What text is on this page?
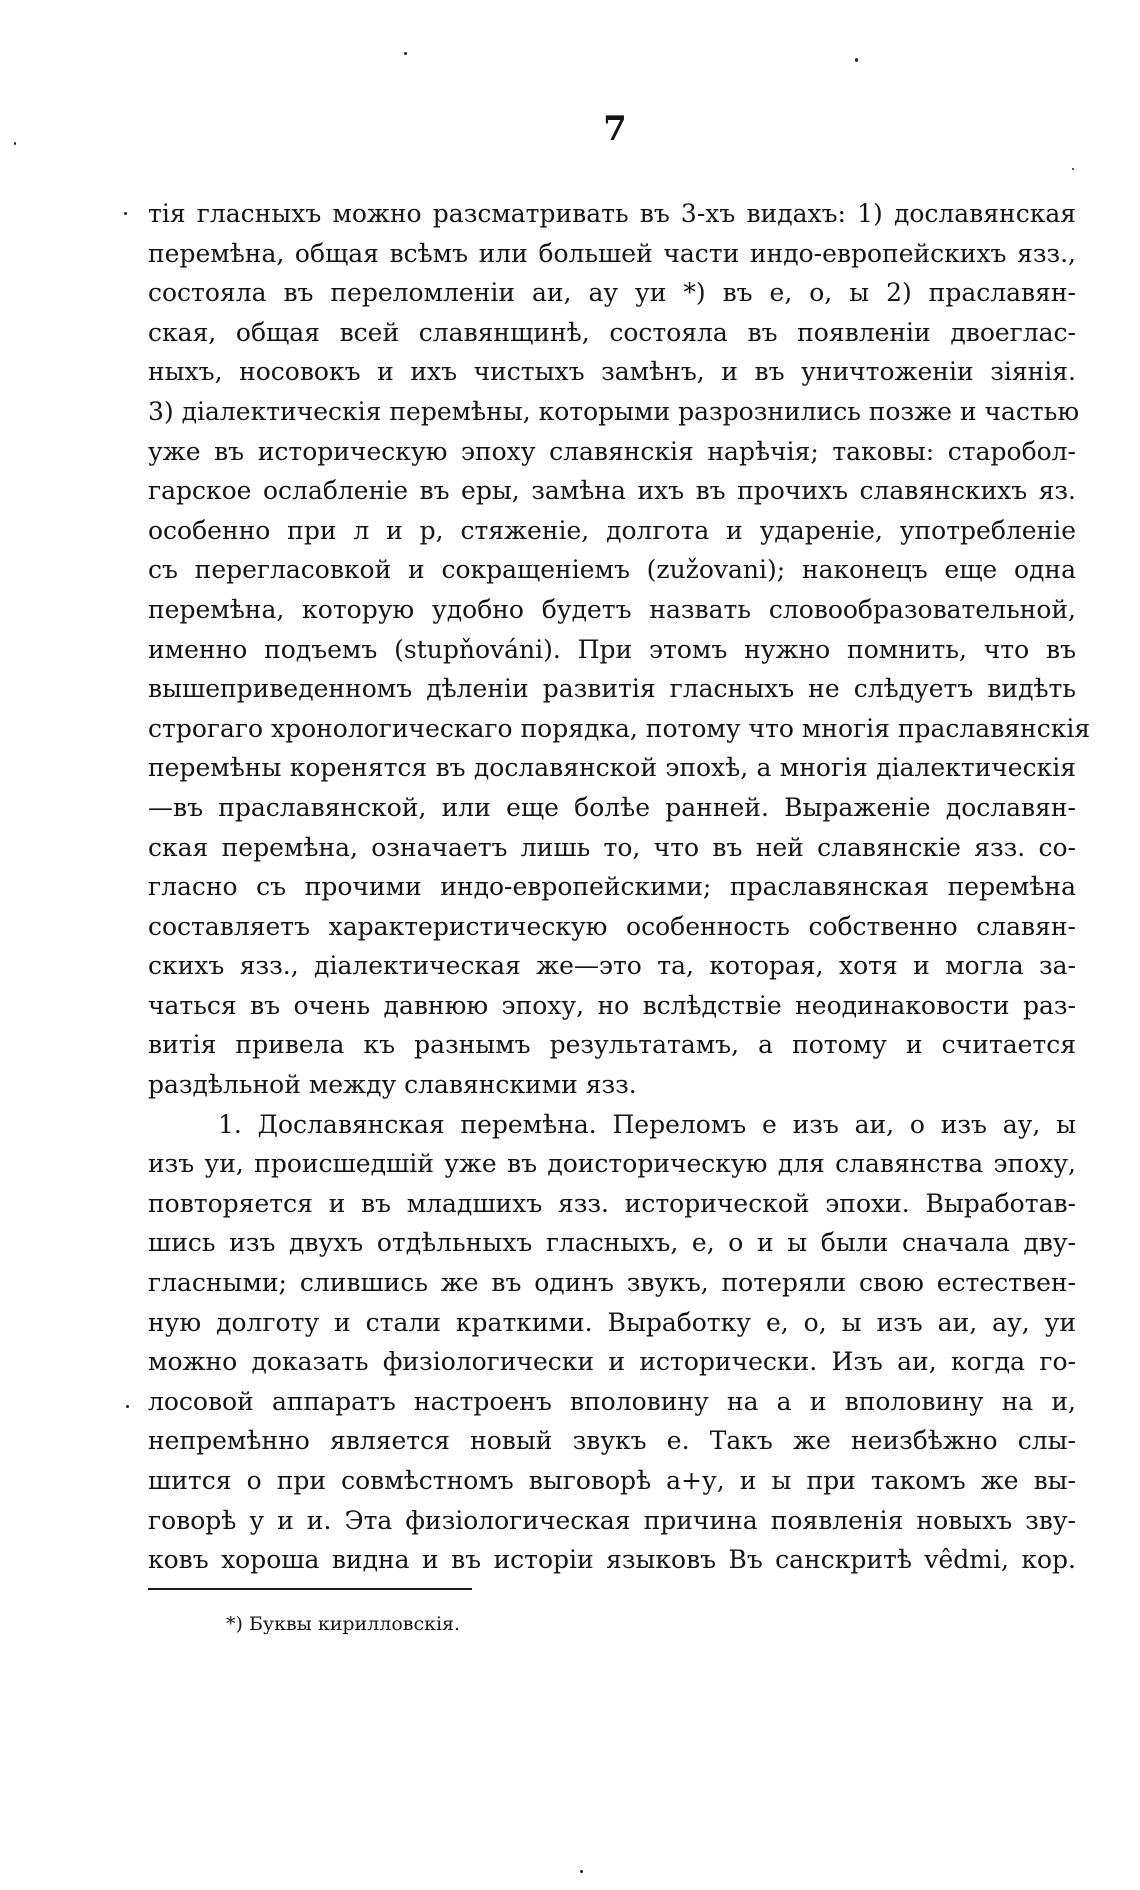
7
тія гласныхъ можно разсматривать въ 3-хъ видахъ: 1) дославянская
перемѣна, общая всѣмъ или большей части индо-европейскихъ язз.,
состояла въ переломленіи аи, ау уи *) въ е, о, ы 2) праславян-
ская, общая всей славянщинѣ, состояла въ появленіи двоеглас-
ныхъ, носовокъ и ихъ чистыхъ замѣнъ, и въ уничтоженіи зіянія.
3) діалектическія перемѣны, которыми разрознились позже и частью
уже въ историческую эпоху славянскія нарѣчія; таковы: старобол-
гарское ослабленіе въ еры, замѣна ихъ въ прочихъ славянскихъ яз.
особенно при л и р, стяженіе, долгота и удареніе, употребленіе
съ перегласовкой и сокращеніемъ (zužovani); наконецъ еще одна
перемѣна, которую удобно будетъ назвать словообразовательной,
именно подъемъ (stupňováni). При этомъ нужно помнить, что въ
вышеприведенномъ дѣленіи развитія гласныхъ не слѣдуетъ видѣть
строгаго хронологическаго порядка, потому что многія праславянскія
перемѣны коренятся въ дославянской эпохѣ, а многія діалектическія
—въ праславянской, или еще болѣе ранней. Выраженіе дославян-
ская перемѣна, означаетъ лишь то, что въ ней славянскіе язз. со-
гласно съ прочими индо-европейскими; праславянская перемѣна
составляетъ характеристическую особенность собственно славян-
скихъ язз., діалектическая же—это та, которая, хотя и могла за-
чаться въ очень давнюю эпоху, но вслѣдствіе неодинаковости раз-
витія привела къ разнымъ результатамъ, а потому и считается
раздѣльной между славянскими язз.
1. Дославянская перемѣна. Переломъ е изъ аи, о изъ ау, ы
изъ уи, происшедшій уже въ доисторическую для славянства эпоху,
повторяется и въ младшихъ язз. исторической эпохи. Выработав-
шись изъ двухъ отдѣльныхъ гласныхъ, е, о и ы были сначала дву-
гласными; слившись же въ одинъ звукъ, потеряли свою естествен-
ную долготу и стали краткими. Выработку е, о, ы изъ аи, ау, уи
можно доказать физіологически и исторически. Изъ аи, когда го-
лосовой аппаратъ настроенъ вполовину на а и вполовину на и,
непремѣнно является новый звукъ е. Такъ же неизбѣжно слы-
шится о при совмѣстномъ выговорѣ а+у, и ы при такомъ же вы-
говорѣ у и и. Эта физіологическая причина появленія новыхъ зву-
ковъ хороша видна и въ исторіи языковъ Въ санскритѣ vêdmi, кор.
*) Буквы кирилловскія.
